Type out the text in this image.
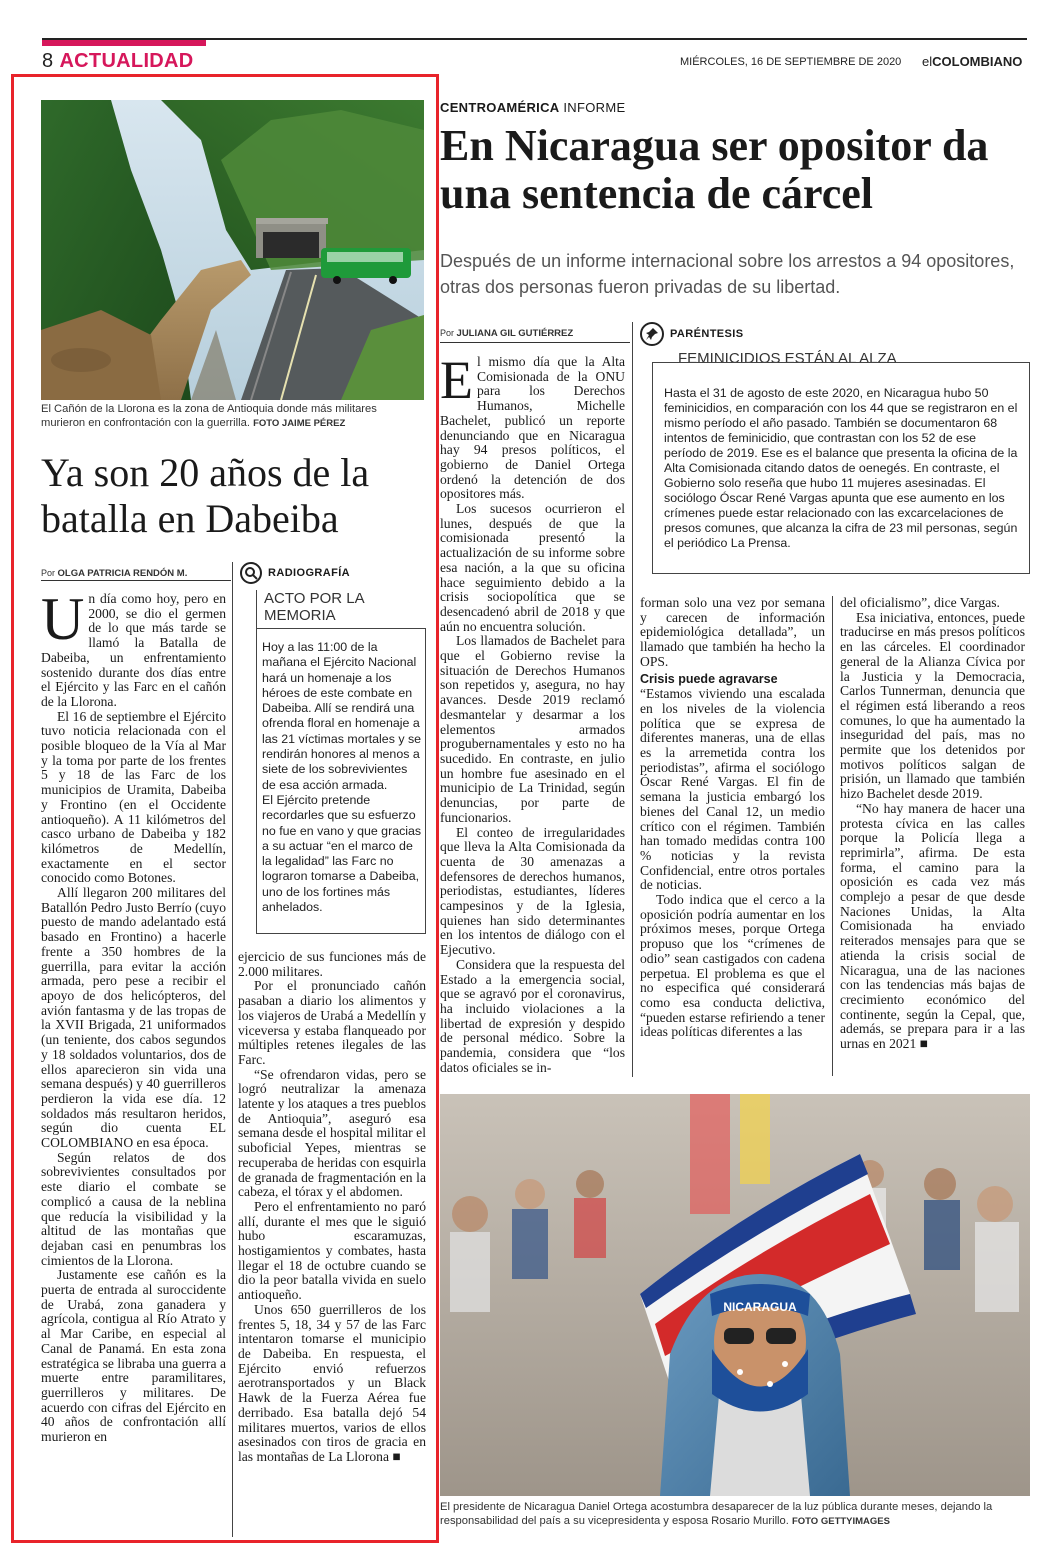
8 ACTUALIDAD	MIÉRCOLES, 16 DE SEPTIEMBRE DE 2020 elCOLOMBIANO
El Cañón de la Llorona es la zona de Antioquia donde más militares murieron en confrontación con la guerrilla. FOTO JAIME PÉREZ
Ya son 20 años de la batalla en Dabeiba
Por OLGA PATRICIA RENDÓN M.

Un día como hoy, pero en 2000, se dio el germen de lo que más tarde se llamó la Batalla de Dabeiba, un enfrentamiento sostenido durante dos días entre el Ejército y las Farc en el cañón de la Llorona.

El 16 de septiembre el Ejército tuvo noticia relacionada con el posible bloqueo de la Vía al Mar y la toma por parte de los frentes 5 y 18 de las Farc de los municipios de Uramita, Dabeiba y Frontino (en el Occidente antioqueño). A 11 kilómetros del casco urbano de Dabeiba y 182 kilómetros de Medellín, exactamente en el sector conocido como Botones.

Allí llegaron 200 militares del Batallón Pedro Justo Berrío (cuyo puesto de mando adelantado está basado en Frontino) a hacerle frente a 350 hombres de la guerrilla, para evitar la acción armada, pero pese a recibir el apoyo de dos helicópteros, del avión fantasma y de las tropas de la XVII Brigada, 21 uniformados (un teniente, dos cabos segundos y 18 soldados voluntarios, dos de ellos aparecieron sin vida una semana después) y 40 guerrilleros perdieron la vida ese día. 12 soldados más resultaron heridos, según dio cuenta EL COLOMBIANO en esa época.

Según relatos de dos sobrevivientes consultados por este diario el combate se complicó a causa de la neblina que reducía la visibilidad y la altitud de las montañas que dejaban casi en penumbras los cimientos de la Llorona.

Justamente ese cañón es la puerta de entrada al suroccidente de Urabá, zona ganadera y agrícola, contigua al Río Atrato y al Mar Caribe, en especial al Canal de Panamá. En esta zona estratégica se libraba una guerra a muerte entre paramilitares, guerrilleros y militares. De acuerdo con cifras del Ejército en 40 años de confrontación allí murieron en

RADIOGRAFÍA
ACTO POR LA MEMORIA

Hoy a las 11:00 de la mañana el Ejército Nacional hará un homenaje a los héroes de este combate en Dabeiba. Allí se rendirá una ofrenda floral en homenaje a las 21 víctimas mortales y se rendirán honores al menos a siete de los sobrevivientes de esa acción armada.

El Ejército pretende recordarles que su esfuerzo no fue en vano y que gracias a su actuar “en el marco de la legalidad” las Farc no lograron tomarse a Dabeiba, uno de los fortines más anhelados.

ejercicio de sus funciones más de 2.000 militares.

Por el pronunciado cañón pasaban a diario los alimentos y los viajeros de Urabá a Medellín y viceversa y estaba flanqueado por múltiples retenes ilegales de las Farc.

“Se ofrendaron vidas, pero se logró neutralizar la amenaza latente y los ataques a tres pueblos de Antioquia”, aseguró esa semana desde el hospital militar el suboficial Yepes, mientras se recuperaba de heridas con esquirla de granada de fragmentación en la cabeza, el tórax y el abdomen.

Pero el enfrentamiento no paró allí, durante el mes que le siguió hubo escaramuzas, hostigamientos y combates, hasta llegar el 18 de octubre cuando se dio la peor batalla vivida en suelo antioqueño.

Unos 650 guerrilleros de los frentes 5, 18, 34 y 57 de las Farc intentaron tomarse el municipio de Dabeiba. En respuesta, el Ejército envió refuerzos aerotransportados y un Black Hawk de la Fuerza Aérea fue derribado. Esa batalla dejó 54 militares muertos, varios de ellos asesinados con tiros de gracia en las montañas de La Llorona ■

CENTROAMÉRICA INFORME
En Nicaragua ser opositor da una sentencia de cárcel
Después de un informe internacional sobre los arrestos a 94 opositores, otras dos personas fueron privadas de su libertad.
Por JULIANA GIL GUTIÉRREZ

El mismo día que la Alta Comisionada de la ONU para los Derechos Humanos, Michelle Bachelet, publicó un reporte denunciando que en Nicaragua hay 94 presos políticos, el gobierno de Daniel Ortega ordenó la detención de dos opositores más.

Los sucesos ocurrieron el lunes, después de que la comisionada presentó la actualización de su informe sobre esa nación, a la que su oficina hace seguimiento debido a la crisis sociopolítica que se desencadenó abril de 2018 y que aún no encuentra solución.

Los llamados de Bachelet para que el Gobierno revise la situación de Derechos Humanos son repetidos y, asegura, no hay avances. Desde 2019 reclamó desmantelar y desarmar a los elementos armados progubernamentales y esto no ha sucedido. En contraste, en julio un hombre fue asesinado en el municipio de La Trinidad, según denuncias, por parte de funcionarios.

El conteo de irregularidades que lleva la Alta Comisionada da cuenta de 30 amenazas a defensores de derechos humanos, periodistas, estudiantes, líderes campesinos y de la Iglesia, quienes han sido determinantes en los intentos de diálogo con el Ejecutivo.

Considera que la respuesta del Estado a la emergencia social, que se agravó por el coronavirus, ha incluido violaciones a la libertad de expresión y despido de personal médico. Sobre la pandemia, considera que “los datos oficiales se in-

PARÉNTESIS
FEMINICIDIOS ESTÁN AL ALZA
Hasta el 31 de agosto de este 2020, en Nicaragua hubo 50 feminicidios, en comparación con los 44 que se registraron en el mismo período el año pasado. También se documentaron 68 intentos de feminicidio, que contrastan con los 52 de ese período de 2019. Ese es el balance que presenta la oficina de la Alta Comisionada citando datos de oenegés. En contraste, el Gobierno solo reseña que hubo 11 mujeres asesinadas. El sociólogo Óscar René Vargas apunta que ese aumento en los crímenes puede estar relacionado con las excarcelaciones de presos comunes, que alcanza la cifra de 23 mil personas, según el periódico La Prensa.

forman solo una vez por semana y carecen de información epidemiológica detallada”, un llamado que también ha hecho la OPS.

Crisis puede agravarse

“Estamos viviendo una escalada en los niveles de la violencia política que se expresa de diferentes maneras, una de ellas es la arremetida contra los periodistas”, afirma el sociólogo Óscar René Vargas. El fin de semana la justicia embargó los bienes del Canal 12, un medio crítico con el régimen. También han tomado medidas contra 100 % noticias y la revista Confidencial, entre otros portales de noticias.

Todo indica que el cerco a la oposición podría aumentar en los próximos meses, porque Ortega propuso que los “crímenes de odio” sean castigados con cadena perpetua. El problema es que el no especifica qué considerará como esa conducta delictiva, “pueden estarse refiriendo a tener ideas políticas diferentes a las

del oficialismo”, dice Vargas.

Esa iniciativa, entonces, puede traducirse en más presos políticos en las cárceles. El coordinador general de la Alianza Cívica por la Justicia y la Democracia, Carlos Tunnerman, denuncia que el régimen está liberando a reos comunes, lo que ha aumentado la inseguridad del país, mas no permite que los detenidos por motivos políticos salgan de prisión, un llamado que también hizo Bachelet desde 2019.

“No hay manera de hacer una protesta cívica en las calles porque la Policía llega a reprimirla”, afirma. De esta forma, el camino para la oposición es cada vez más complejo a pesar de que desde Naciones Unidas, la Alta Comisionada ha enviado reiterados mensajes para que se atienda la crisis social de Nicaragua, una de las naciones con las tendencias más bajas de crecimiento económico del continente, según la Cepal, que, además, se prepara para ir a las urnas en 2021 ■

NICARAGUA
El presidente de Nicaragua Daniel Ortega acostumbra desaparecer de la luz pública durante meses, dejando la responsabilidad del país a su vicepresidenta y esposa Rosario Murillo. FOTO GETTYIMAGES
